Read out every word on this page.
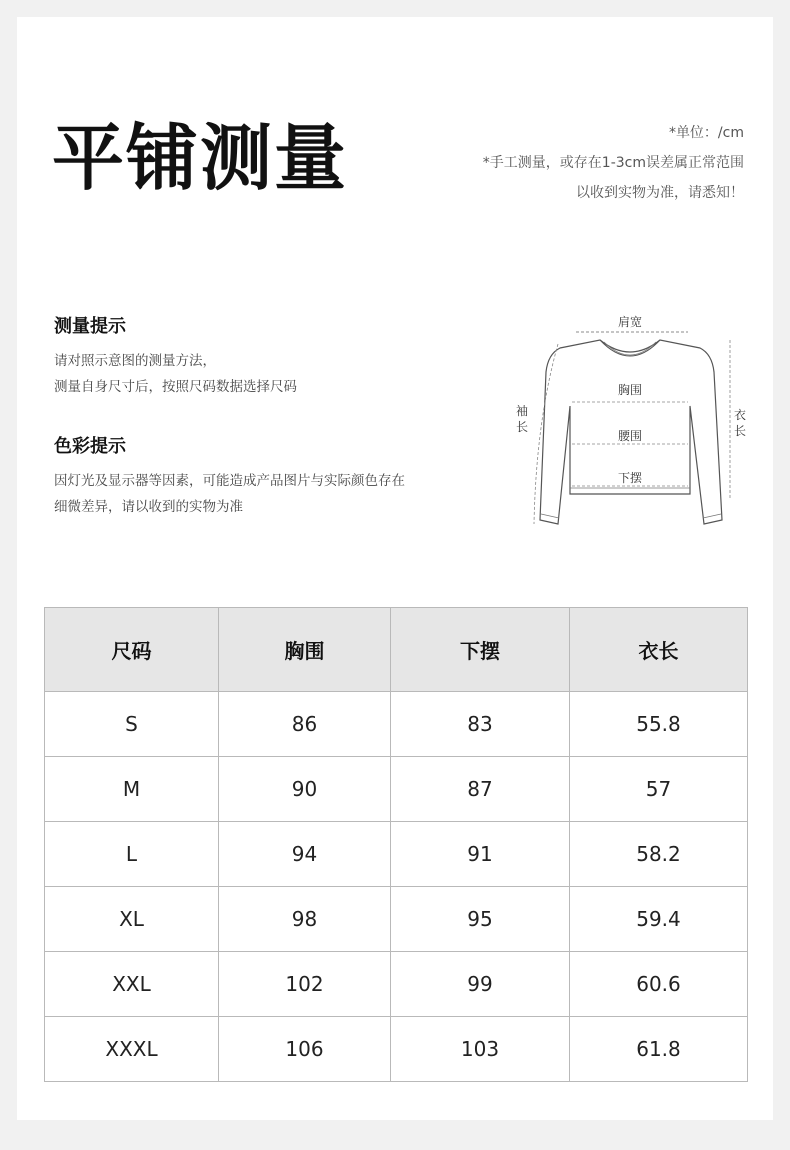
平铺测量	*单位：/cm
*手工测量，或存在1-3cm误差属正常范围
以收到实物为准，请悉知！
测量提示
请对照示意图的测量方法，
测量自身尺寸后，按照尺码数据选择尺码
色彩提示
因灯光及显示器等因素，可能造成产品图片与实际颜色存在
细微差异，请以收到的实物为准
肩宽
胸围
腰围
下摆
袖
长
衣
长
尺码	胸围	下摆	衣长
S	86	83	55.8
M	90	87	57
L	94	91	58.2
XL	98	95	59.4
XXL	102	99	60.6
XXXL	106	103	61.8
